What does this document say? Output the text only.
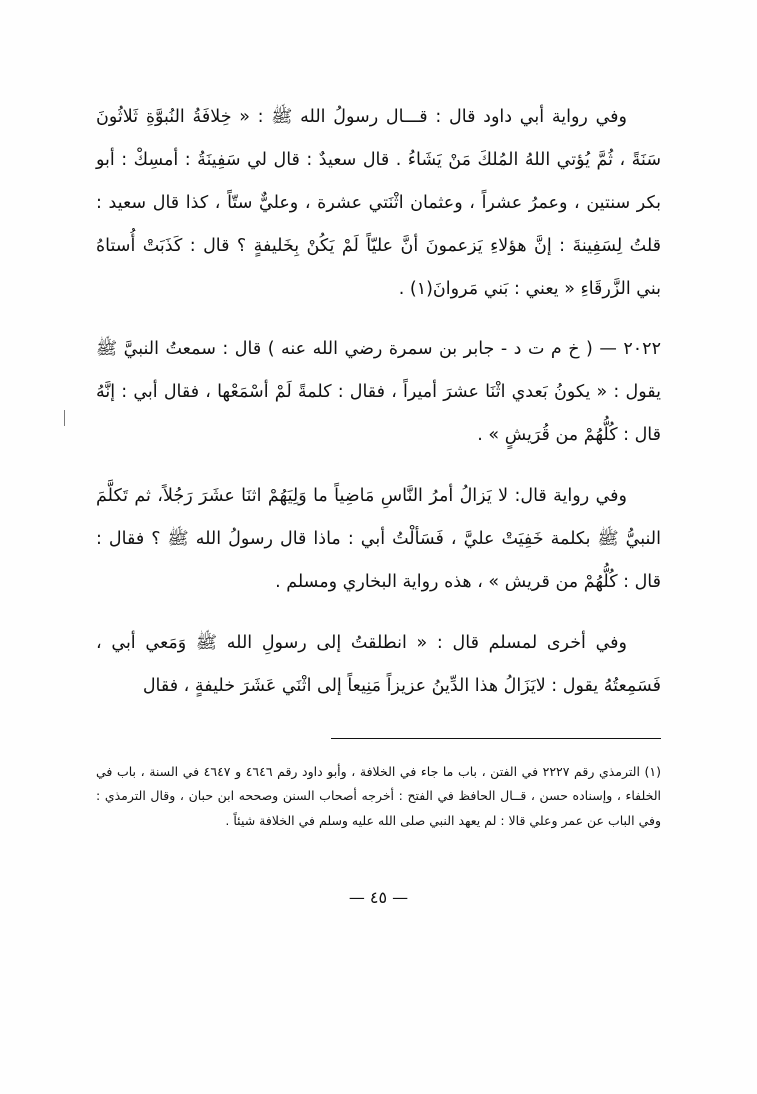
وفي رواية أبي داود قال : قـــال رسولُ الله ﷺ : « خِلافَةُ النُبوَّةِ ثَلاثُونَ سَنَةً ، ثُمَّ يُؤتي اللهُ المُلكَ مَنْ يَشَاءُ . قال سعيدٌ : قال لي سَفِينَةُ : أمسِكْ : أبو بكر سنتين ، وعمرُ عشراً ، وعثمان اثْنَتي عشرة ، وعليٌّ ستّاً ، كذا قال سعيد : قلتُ لِسَفِينةَ : إنَّ هؤلاءِ يَزعمونَ أنَّ عليّاً لَمْ يَكُنْ بِخَليفةٍ ؟ قال : كَذَبَتْ أُستاهُ بني الزَّرقَاءِ « يعني : بَني مَروانَ(١) .

٢٠٢٢ — ( خ م ت د - جابر بن سمرة رضي الله عنه ) قال : سمعتُ النبيَّ ﷺ يقول : « يكونُ بَعدي اثْنَا عشرَ أميراً ، فقال : كلمةً لَمْ أسْمَعْها ، فقال أبي : إنَّهُ قال : كُلُّهُمْ من قُرَيشٍ » .

وفي رواية قال: لا يَزالُ أمرُ النَّاسِ مَاضِياً ما وَلِيَهُمْ اثنَا عشَرَ رَجُلاً، ثم تَكلَّمَ النبيُّ ﷺ بكلمة خَفِيَتْ عليَّ ، فَسَألْتُ أبي : ماذا قال رسولُ الله ﷺ ؟ فقال : قال : كُلُّهُمْ من قريش » ، هذه رواية البخاري ومسلم .

وفي أخرى لمسلم قال : « انطلقتُ إلى رسولِ الله ﷺ وَمَعي أبي ، فَسَمِعتُهُ يقول : لايَزَالُ هذا الدِّينُ عزيزاً مَنِيعاً إلى اثْنَي عَشَرَ خليفةٍ ، فقال

(١) الترمذي رقم ٢٢٢٧ في الفتن ، باب ما جاء في الخلافة ، وأبو داود رقم ٤٦٤٦ و ٤٦٤٧ في السنة ، باب في الخلفاء ، وإسناده حسن ، قــال الحافظ في الفتح : أخرجه أصحاب السنن وصححه ابن حبان ، وقال الترمذي : وفي الباب عن عمر وعلي قالا : لم يعهد النبي صلى الله عليه وسلم في الخلافة شيئاً .

— ٤٥ —
